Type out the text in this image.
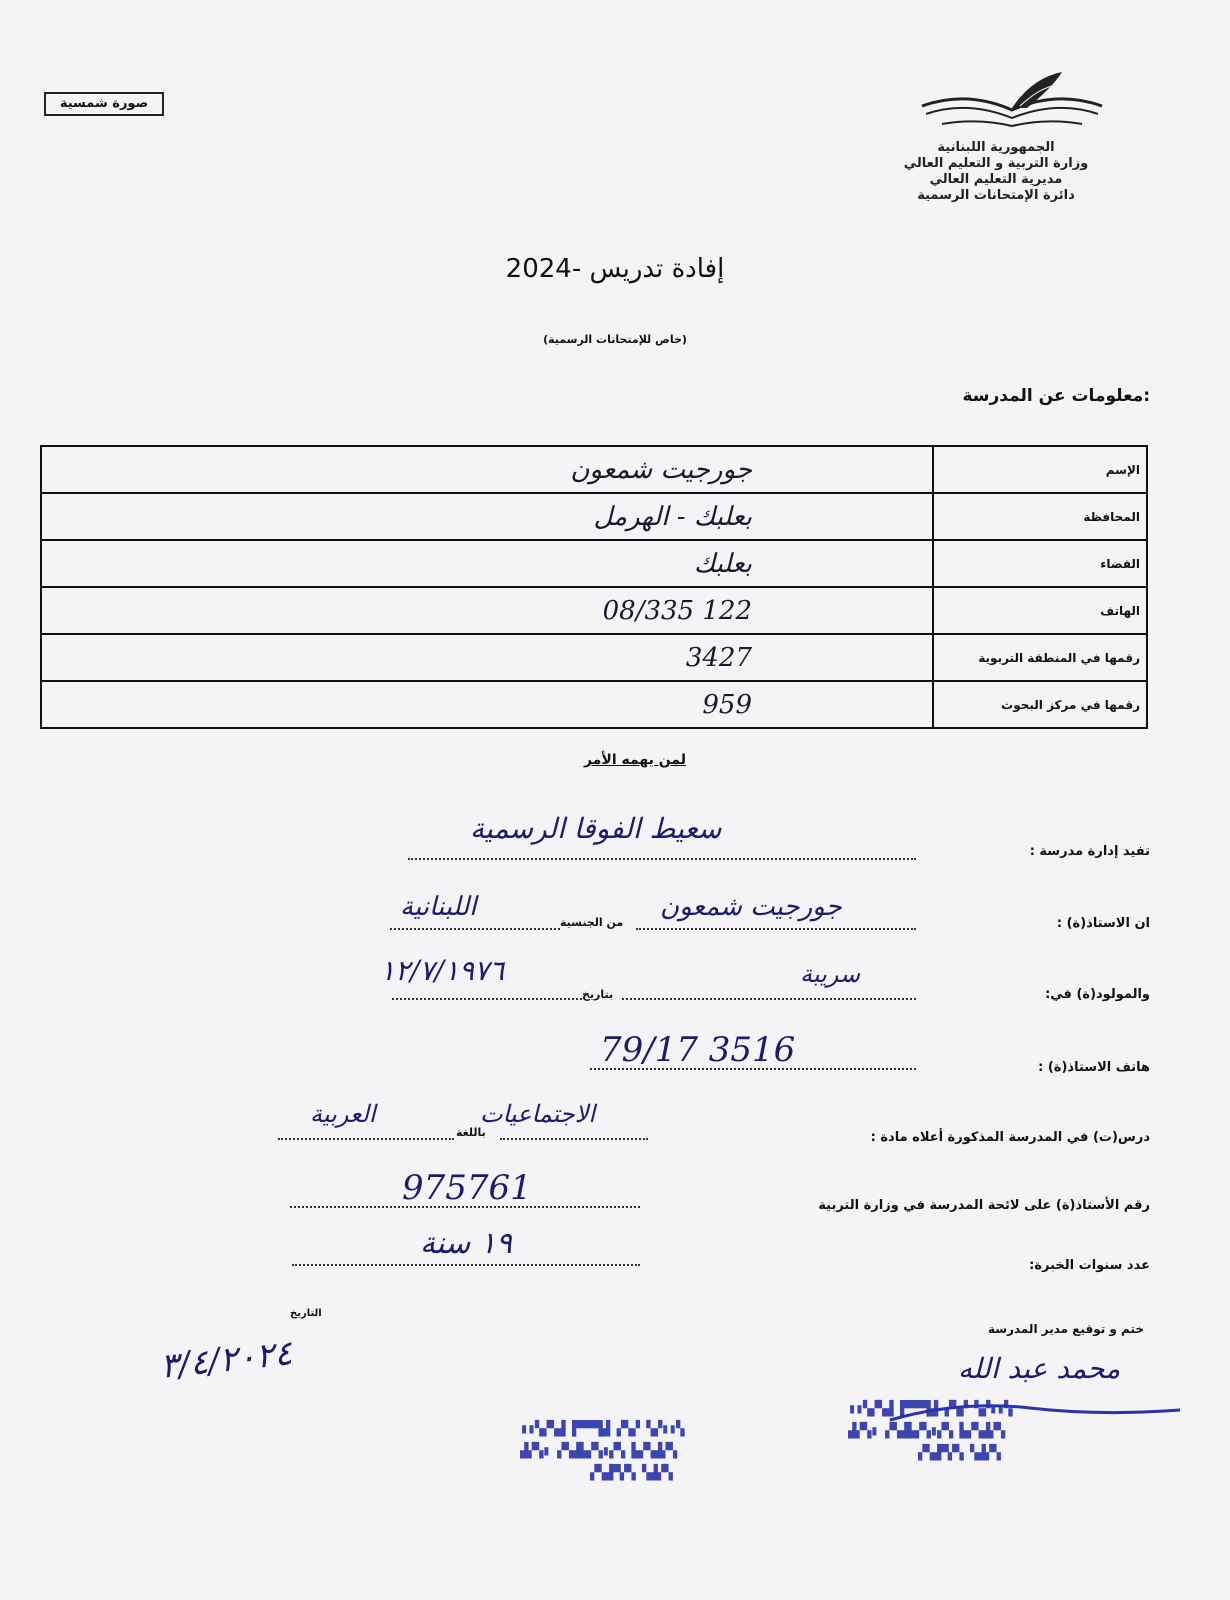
صورة شمسية
الجمهورية اللبنانية
وزارة التربية و التعليم العالي
مديرية التعليم العالي
دائرة الإمتحانات الرسمية
إفادة تدريس -2024
(خاص للإمتحانات الرسمية)
معلومات عن المدرسة:
جورجيت شمعون	الإسم
بعلبك - الهرمل	المحافظة
بعلبك	القضاء
08/335 122	الهاتف
3427	رقمها في المنطقة التربوية
959	رقمها في مركز البحوث
لمن يهمه الأمر
تفيد إدارة مدرسة :
سعيط الفوقا الرسمية
ان الاستاذ(ة) :
من الجنسية
جورجيت شمعون
اللبنانية
والمولود(ة) في:
بتاريخ
سريبة
١٢/٧/١٩٧٦
هاتف الاستاذ(ة) :
79/17 3516
درس(ت) في المدرسة المذكورة أعلاه مادة :
باللغة
الاجتماعيات
العربية
رقم الأستاذ(ة) على لائحة المدرسة في وزارة التربية
975761
عدد سنوات الخبرة:
١٩ سنة
ختم و توقيع مدير المدرسة
التاريخ
محمد عبد الله
٣/٤/٢٠٢٤
▮▮▚▞▚▟ ▛▀▀▜▟ ▞▚▞ ▚▞▮▮▚
▟▞▚▮ ▞▚▟▙▞▚▮▞▚ ▙▞▚▟▞▚
▞▚▟▀▞▚ ▚▟▞▚
▮▮▚▞▚▟ ▛▀▀▜▟ ▞▚▞ ▚▞▮▮▚
▟▞▚▮ ▞▚▟▙▞▚▮▞▚ ▙▞▚▟▞▚
▞▚▟▀▞▚ ▚▟▞▚
